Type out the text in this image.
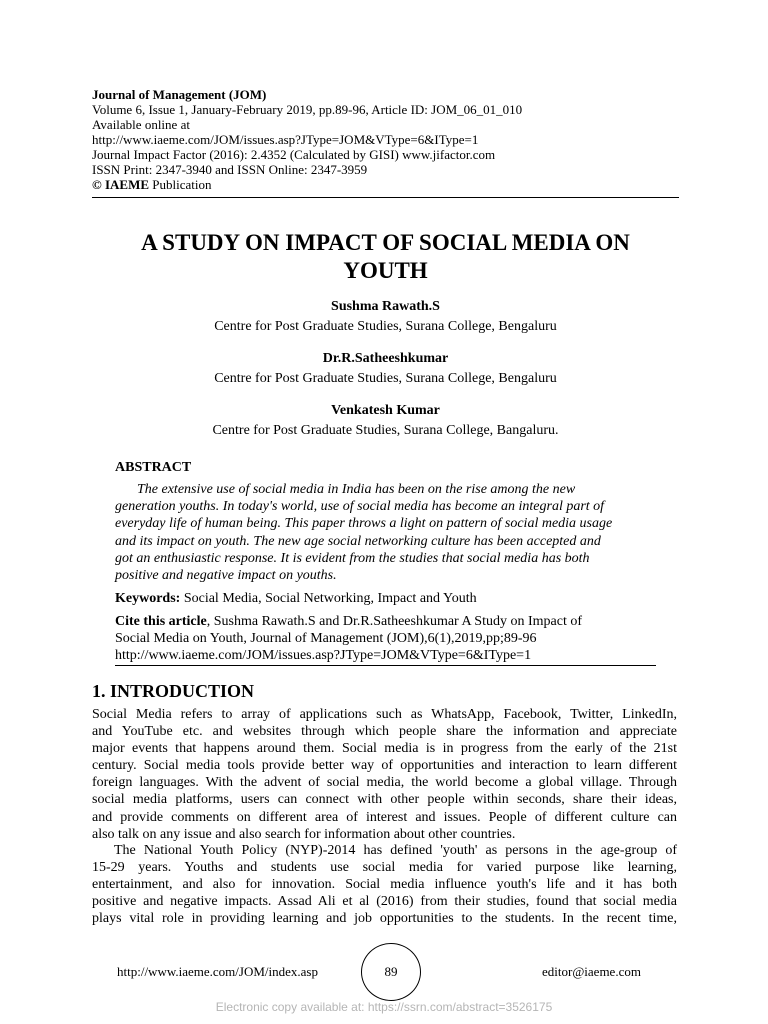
Journal of Management (JOM)
Volume 6, Issue 1, January-February 2019, pp.89-96, Article ID: JOM_06_01_010
Available online at
http://www.iaeme.com/JOM/issues.asp?JType=JOM&VType=6&IType=1
Journal Impact Factor (2016): 2.4352 (Calculated by GISI) www.jifactor.com
ISSN Print: 2347-3940 and ISSN Online: 2347-3959
© IAEME Publication
A STUDY ON IMPACT OF SOCIAL MEDIA ON
YOUTH
Sushma Rawath.S
Centre for Post Graduate Studies, Surana College, Bengaluru
Dr.R.Satheeshkumar
Centre for Post Graduate Studies, Surana College, Bengaluru
Venkatesh Kumar
Centre for Post Graduate Studies, Surana College, Bangaluru.
ABSTRACT
The extensive use of social media in India has been on the rise among the new
generation youths. In today's world, use of social media has become an integral part of
everyday life of human being. This paper throws a light on pattern of social media usage
and its impact on youth. The new age social networking culture has been accepted and
got an enthusiastic response. It is evident from the studies that social media has both
positive and negative impact on youths.
Keywords: Social Media, Social Networking, Impact and Youth
Cite this article, Sushma Rawath.S and Dr.R.Satheeshkumar A Study on Impact of
Social Media on Youth, Journal of Management (JOM),6(1),2019,pp;89-96
http://www.iaeme.com/JOM/issues.asp?JType=JOM&VType=6&IType=1
1. INTRODUCTION
Social Media refers to array of applications such as WhatsApp, Facebook, Twitter, LinkedIn,
and YouTube etc. and websites through which people share the information and appreciate
major events that happens around them. Social media is in progress from the early of the 21st
century. Social media tools provide better way of opportunities and interaction to learn different
foreign languages. With the advent of social media, the world become a global village. Through
social media platforms, users can connect with other people within seconds, share their ideas,
and provide comments on different area of interest and issues. People of different culture can
also talk on any issue and also search for information about other countries.
The National Youth Policy (NYP)-2014 has defined 'youth' as persons in the age-group of
15-29 years. Youths and students use social media for varied purpose like learning,
entertainment, and also for innovation. Social media influence youth's life and it has both
positive and negative impacts. Assad Ali et al (2016) from their studies, found that social media
plays vital role in providing learning and job opportunities to the students. In the recent time,
http://www.iaeme.com/JOM/index.asp	89	editor@iaeme.com
Electronic copy available at: https://ssrn.com/abstract=3526175
